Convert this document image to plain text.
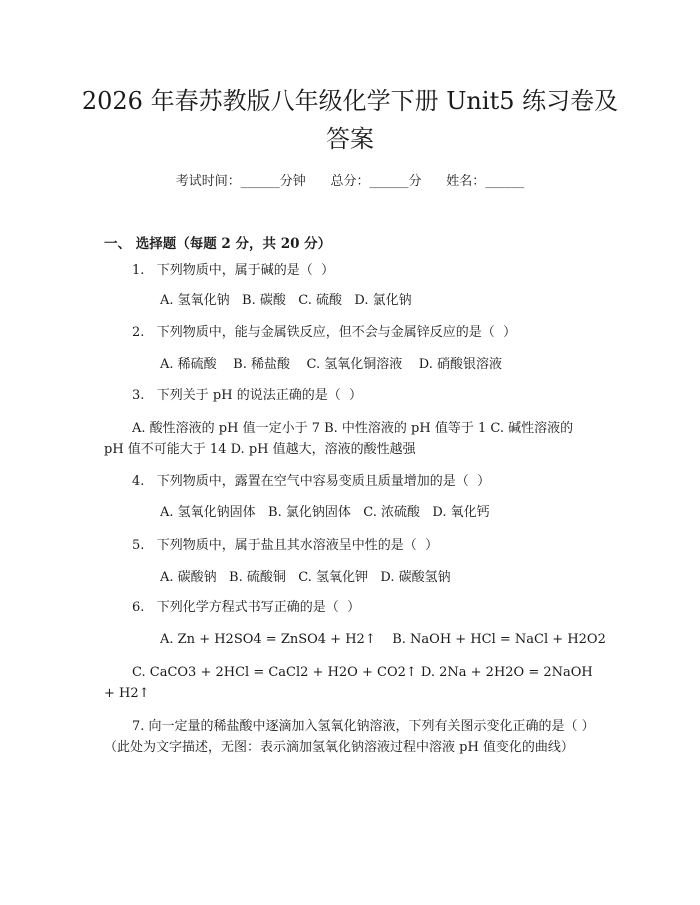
2026 年春苏教版八年级化学下册 Unit5 练习卷及答案
考试时间：______分钟      总分：______分      姓名：______
一、 选择题（每题 2 分，共 20 分）
1.   下列物质中，属于碱的是（  ）
A. 氢氧化钠   B. 碳酸   C. 硫酸   D. 氯化钠
2.   下列物质中，能与金属铁反应，但不会与金属锌反应的是（  ）
A. 稀硫酸    B. 稀盐酸    C. 氢氧化铜溶液    D. 硝酸银溶液
3.   下列关于 pH 的说法正确的是（  ）
A. 酸性溶液的 pH 值一定小于 7 B. 中性溶液的 pH 值等于 1 C. 碱性溶液的 pH 值不可能大于 14 D. pH 值越大，溶液的酸性越强
4.   下列物质中，露置在空气中容易变质且质量增加的是（  ）
A. 氢氧化钠固体   B. 氯化钠固体   C. 浓硫酸   D. 氧化钙
5.   下列物质中，属于盐且其水溶液呈中性的是（  ）
A. 碳酸钠   B. 硫酸铜   C. 氢氧化钾   D. 碳酸氢钠
6.   下列化学方程式书写正确的是（  ）
A. Zn + H2SO4 = ZnSO4 + H2↑    B. NaOH + HCl = NaCl + H2O2
C. CaCO3 + 2HCl = CaCl2 + H2O + CO2↑ D. 2Na + 2H2O = 2NaOH + H2↑
7. 向一定量的稀盐酸中逐滴加入氢氧化钠溶液，下列有关图示变化正确的是（ ）（此处为文字描述，无图：表示滴加氢氧化钠溶液过程中溶液 pH 值变化的曲线）
